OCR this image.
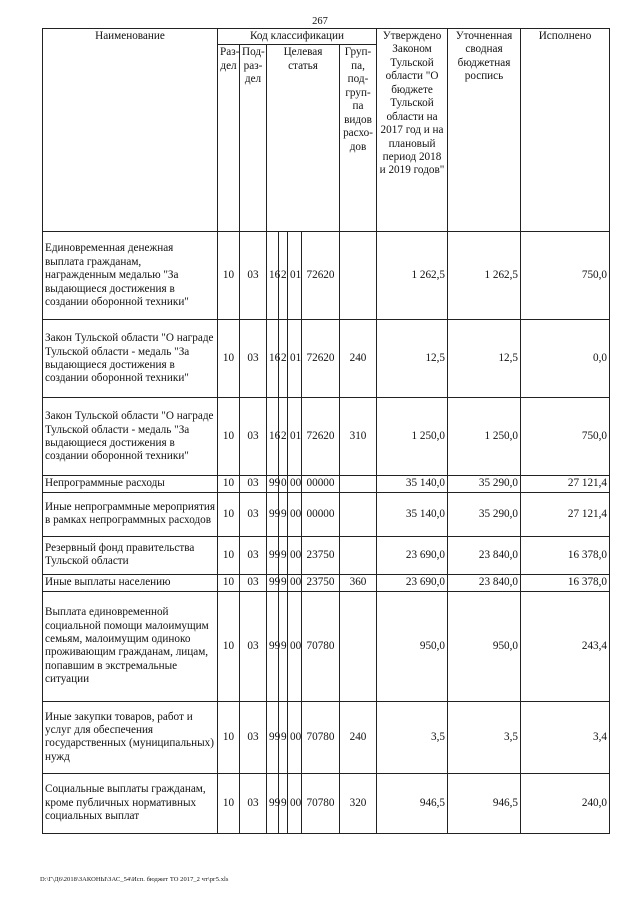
267
Наименование	Код классификации							Утверждено Законом Тульской области "О бюджете Тульской области на 2017 год и на плановый период 2018 и 2019 годов"	Уточненная сводная бюджетная роспись	Исполнено
	Раз-дел	Под-раз-дел	Целевая статья				Груп-па, под-груп-па видов расхо-дов			
Единовременная денежная выплата гражданам, награжденным медалью "За выдающиеся достижения в создании оборонной техники"	10	03	16	2	01	72620		1 262,5	1 262,5	750,0
Закон Тульской области "О награде Тульской области - медаль "За выдающиеся достижения в создании оборонной техники"	10	03	16	2	01	72620	240	12,5	12,5	0,0
Закон Тульской области "О награде Тульской области - медаль "За выдающиеся достижения в создании оборонной техники"	10	03	16	2	01	72620	310	1 250,0	1 250,0	750,0
Непрограммные расходы	10	03	99	0	00	00000		35 140,0	35 290,0	27 121,4
Иные непрограммные мероприятия в рамках непрограммных расходов	10	03	99	9	00	00000		35 140,0	35 290,0	27 121,4
Резервный фонд правительства Тульской области	10	03	99	9	00	23750		23 690,0	23 840,0	16 378,0
Иные выплаты населению	10	03	99	9	00	23750	360	23 690,0	23 840,0	16 378,0
Выплата единовременной социальной помощи малоимущим семьям, малоимущим одиноко проживающим гражданам, лицам, попавшим в экстремальные ситуации	10	03	99	9	00	70780		950,0	950,0	243,4
Иные закупки товаров, работ и услуг для обеспечения государственных (муниципальных) нужд	10	03	99	9	00	70780	240	3,5	3,5	3,4
Социальные выплаты гражданам, кроме публичных нормативных социальных выплат	10	03	99	9	00	70780	320	946,5	946,5	240,0
D:\Г\Д6\2018\ЗАКОНЫ\ЗАС_54\Исп. бюджет ТО 2017_2 чт\рг5.xls
